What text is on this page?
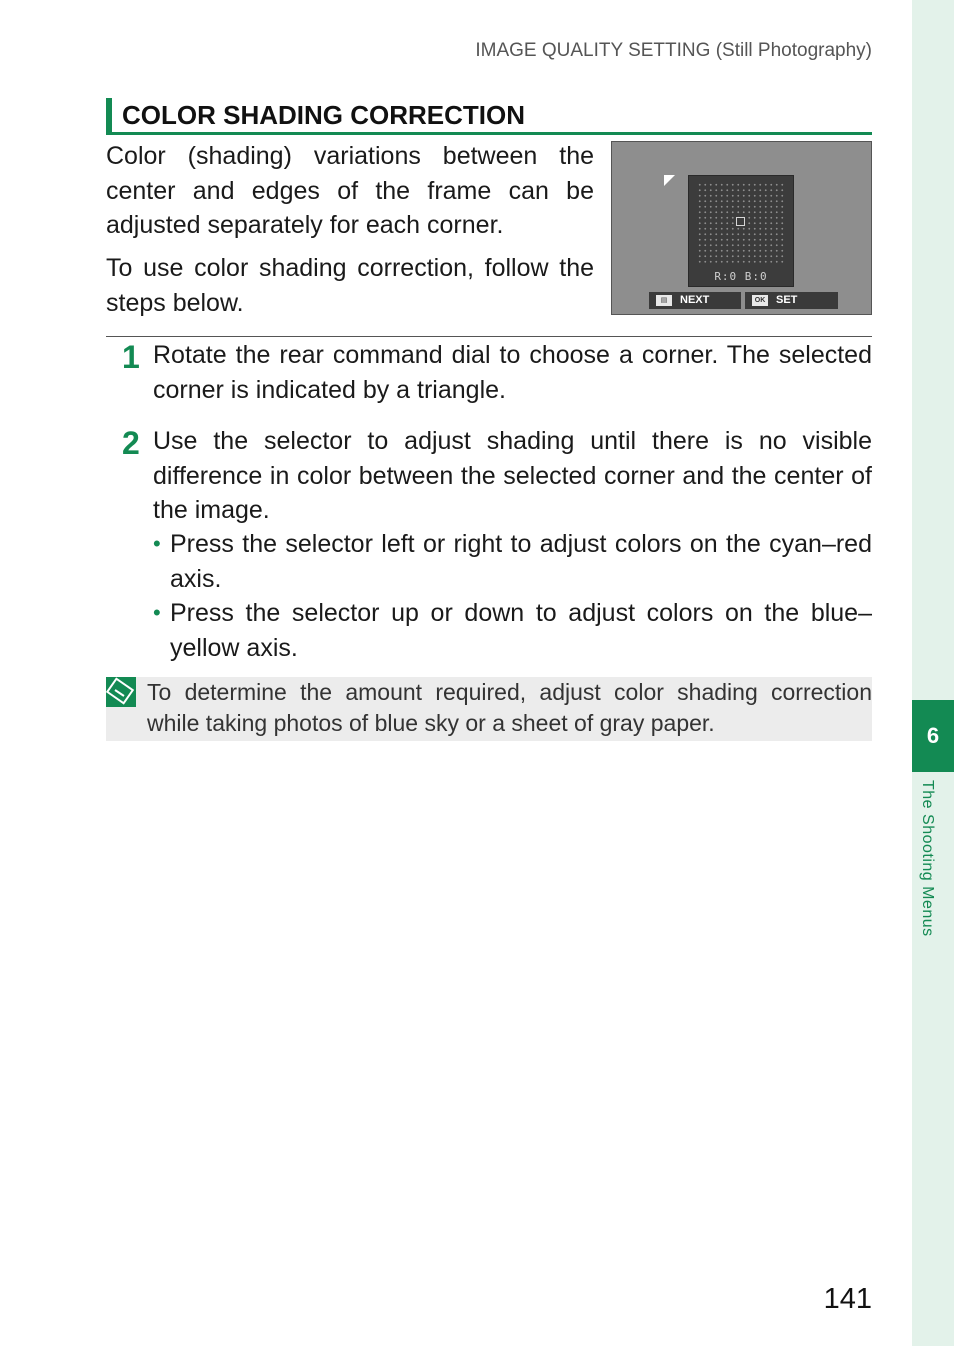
6
The Shooting Menus
IMAGE QUALITY SETTING (Still Photography)
COLOR SHADING CORRECTION

Color (shading) variations between the center and edges of the frame can be adjusted separately for each corner.

To use color shading correction, follow the steps below.

R:0 B:0
▤	NEXT	OK SET
1 Rotate the rear command dial to choose a corner. The selected corner is indicated by a triangle.

2 Use the selector to adjust shading until there is no visible difference in color between the selected corner and the center of the image.

• Press the selector left or right to adjust colors on the cyan–red axis.
• Press the selector up or down to adjust colors on the blue–yellow axis.

To determine the amount required, adjust color shading correction while taking photos of blue sky or a sheet of gray paper.

141
